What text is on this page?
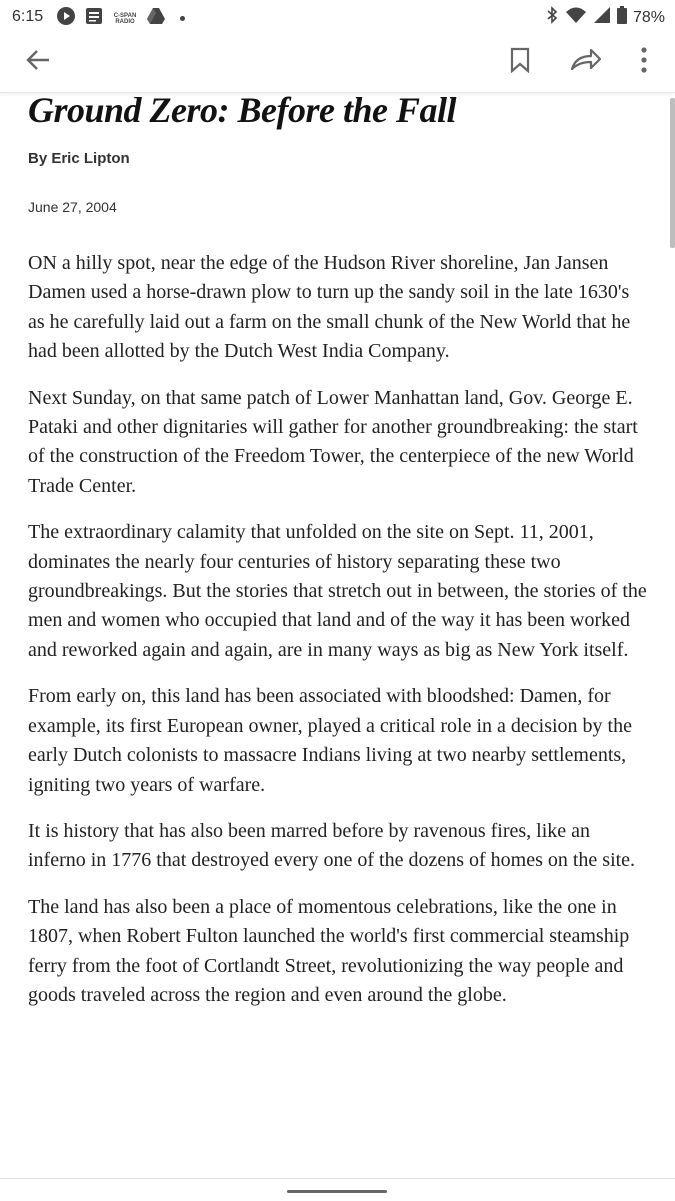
6:15	C-SPAN RADIO	78%
Ground Zero: Before the Fall
By Eric Lipton
June 27, 2004

ON a hilly spot, near the edge of the Hudson River shoreline, Jan Jansen Damen used a horse-drawn plow to turn up the sandy soil in the late 1630's as he carefully laid out a farm on the small chunk of the New World that he had been allotted by the Dutch West India Company.

Next Sunday, on that same patch of Lower Manhattan land, Gov. George E. Pataki and other dignitaries will gather for another groundbreaking: the start of the construction of the Freedom Tower, the centerpiece of the new World Trade Center.

The extraordinary calamity that unfolded on the site on Sept. 11, 2001, dominates the nearly four centuries of history separating these two groundbreakings. But the stories that stretch out in between, the stories of the men and women who occupied that land and of the way it has been worked and reworked again and again, are in many ways as big as New York itself.

From early on, this land has been associated with bloodshed: Damen, for example, its first European owner, played a critical role in a decision by the early Dutch colonists to massacre Indians living at two nearby settlements, igniting two years of warfare.

It is history that has also been marred before by ravenous fires, like an inferno in 1776 that destroyed every one of the dozens of homes on the site.

The land has also been a place of momentous celebrations, like the one in 1807, when Robert Fulton launched the world's first commercial steamship ferry from the foot of Cortlandt Street, revolutionizing the way people and goods traveled across the region and even around the globe.
